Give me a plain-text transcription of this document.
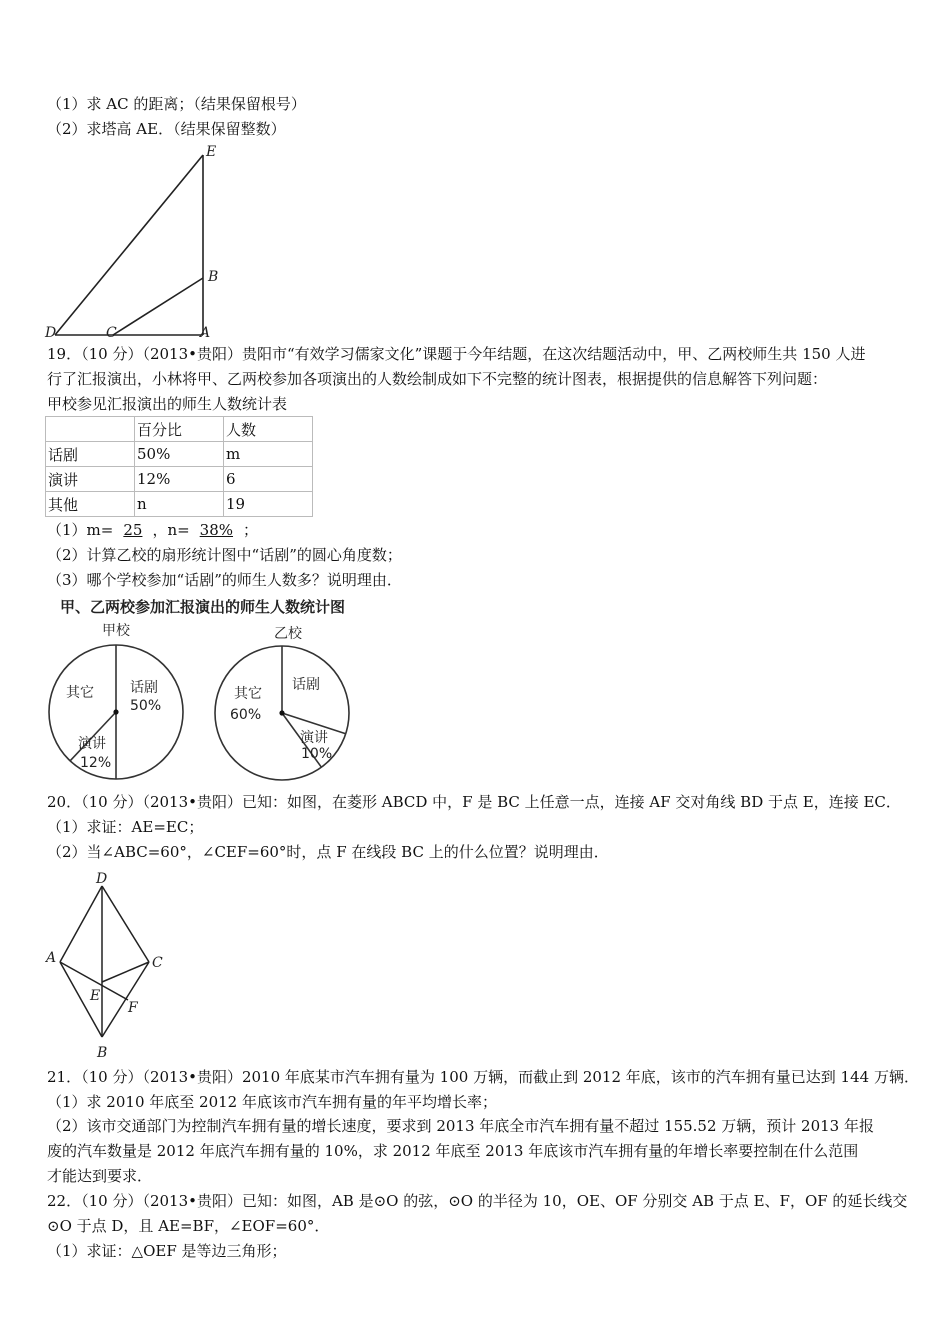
（1）求 AC 的距离；（结果保留根号）
（2）求塔高 AE．（结果保留整数）
E
B
D	C	A
19．（10 分）（2013•贵阳）贵阳市“有效学习儒家文化”课题于今年结题，在这次结题活动中，甲、乙两校师生共 150 人进
行了汇报演出，小林将甲、乙两校参加各项演出的人数绘制成如下不完整的统计图表，根据提供的信息解答下列问题：
甲校参见汇报演出的师生人数统计表
	百分比	人数
话剧	50%	m
演讲	12%	6
其他	n	19
（1）m= 25 ，n= 38% ；
（2）计算乙校的扇形统计图中“话剧”的圆心角度数；
（3）哪个学校参加“话剧”的师生人数多？说明理由．
甲、乙两校参加汇报演出的师生人数统计图
甲校
话剧
50%
其它
演讲
12%
乙校
话剧
其它
60%
演讲
10%
20．（10 分）（2013•贵阳）已知：如图，在菱形 ABCD 中，F 是 BC 上任意一点，连接 AF 交对角线 BD 于点 E，连接 EC．
（1）求证：AE=EC；
（2）当∠ABC=60°，∠CEF=60°时，点 F 在线段 BC 上的什么位置？说明理由．
D
A	C
E
F
B
21．（10 分）（2013•贵阳）2010 年底某市汽车拥有量为 100 万辆，而截止到 2012 年底，该市的汽车拥有量已达到 144 万辆．
（1）求 2010 年底至 2012 年底该市汽车拥有量的年平均增长率；
（2）该市交通部门为控制汽车拥有量的增长速度，要求到 2013 年底全市汽车拥有量不超过 155.52 万辆，预计 2013 年报
废的汽车数量是 2012 年底汽车拥有量的 10%，求 2012 年底至 2013 年底该市汽车拥有量的年增长率要控制在什么范围
才能达到要求．
22．（10 分）（2013•贵阳）已知：如图，AB 是⊙O 的弦，⊙O 的半径为 10，OE、OF 分别交 AB 于点 E、F，OF 的延长线交
⊙O 于点 D，且 AE=BF，∠EOF=60°．
（1）求证：△OEF 是等边三角形；
